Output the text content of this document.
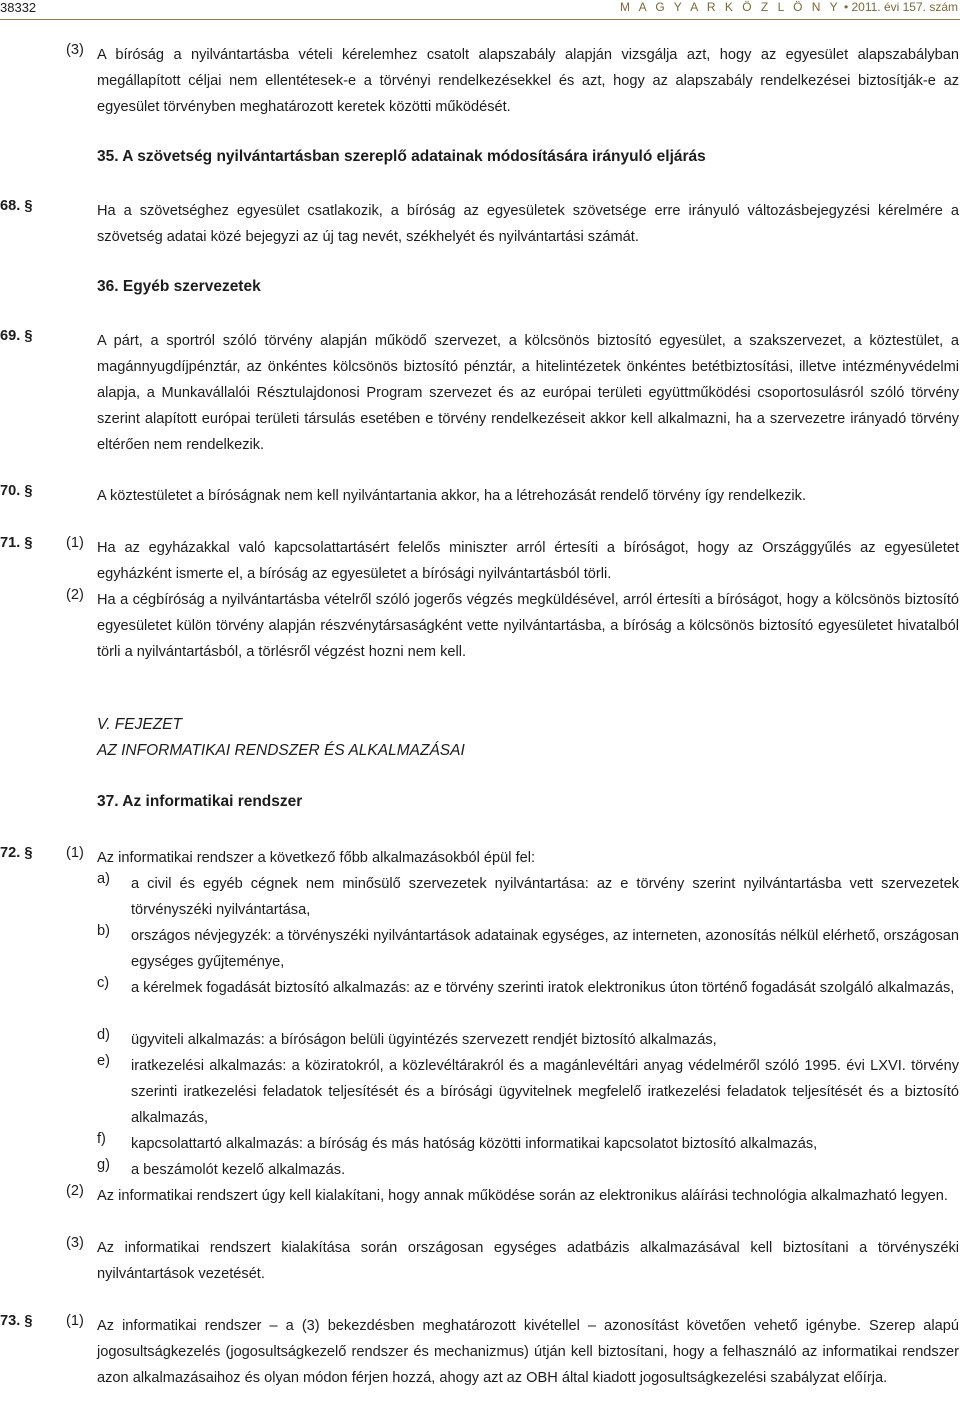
38332	M A G Y A R K Ö Z L Ö N Y • 2011. évi 157. szám
(3) A bíróság a nyilvántartásba vételi kérelemhez csatolt alapszabály alapján vizsgálja azt, hogy az egyesület alapszabályban megállapított céljai nem ellentétesek-e a törvényi rendelkezésekkel és azt, hogy az alapszabály rendelkezései biztosítják-e az egyesület törvényben meghatározott keretek közötti működését.
35. A szövetség nyilvántartásban szereplő adatainak módosítására irányuló eljárás
68. §	Ha a szövetséghez egyesület csatlakozik, a bíróság az egyesületek szövetsége erre irányuló változásbejegyzési kérelmére a szövetség adatai közé bejegyzi az új tag nevét, székhelyét és nyilvántartási számát.
36. Egyéb szervezetek
69. §	A párt, a sportról szóló törvény alapján működő szervezet, a kölcsönös biztosító egyesület, a szakszervezet, a köztestület, a magánnyugdíjpénztár, az önkéntes kölcsönös biztosító pénztár, a hitelintézetek önkéntes betétbiztosítási, illetve intézményvédelmi alapja, a Munkavállalói Résztulajdonosi Program szervezet és az európai területi együttműködési csoportosulásról szóló törvény szerint alapított európai területi társulás esetében e törvény rendelkezéseit akkor kell alkalmazni, ha a szervezetre irányadó törvény eltérően nem rendelkezik.
70. §	A köztestületet a bíróságnak nem kell nyilvántartania akkor, ha a létrehozását rendelő törvény így rendelkezik.
71. § (1) Ha az egyházakkal való kapcsolattartásért felelős miniszter arról értesíti a bíróságot, hogy az Országgyűlés az egyesületet egyházként ismerte el, a bíróság az egyesületet a bírósági nyilvántartásból törli.
(2) Ha a cégbíróság a nyilvántartásba vételről szóló jogerős végzés megküldésével, arról értesíti a bíróságot, hogy a kölcsönös biztosító egyesületet külön törvény alapján részvénytársaságként vette nyilvántartásba, a bíróság a kölcsönös biztosító egyesületet hivatalból törli a nyilvántartásból, a törlésről végzést hozni nem kell.
V. FEJEZET
AZ INFORMATIKAI RENDSZER ÉS ALKALMAZÁSAI
37. Az informatikai rendszer
72. § (1) Az informatikai rendszer a következő főbb alkalmazásokból épül fel:
a) a civil és egyéb cégnek nem minősülő szervezetek nyilvántartása: az e törvény szerint nyilvántartásba vett szervezetek törvényszéki nyilvántartása,
b) országos névjegyzék: a törvényszéki nyilvántartások adatainak egységes, az interneten, azonosítás nélkül elérhető, országosan egységes gyűjteménye,
c) a kérelmek fogadását biztosító alkalmazás: az e törvény szerinti iratok elektronikus úton történő fogadását szolgáló alkalmazás,
d) ügyviteli alkalmazás: a bíróságon belüli ügyintézés szervezett rendjét biztosító alkalmazás,
e) iratkezelési alkalmazás: a köziratokról, a közlevéltárakról és a magánlevéltári anyag védelméről szóló 1995. évi LXVI. törvény szerinti iratkezelési feladatok teljesítését és a bírósági ügyvitelnek megfelelő iratkezelési feladatok teljesítését és a biztosító alkalmazás,
f) kapcsolattartó alkalmazás: a bíróság és más hatóság közötti informatikai kapcsolatot biztosító alkalmazás,
g) a beszámolót kezelő alkalmazás.
(2) Az informatikai rendszert úgy kell kialakítani, hogy annak működése során az elektronikus aláírási technológia alkalmazható legyen.
(3) Az informatikai rendszert kialakítása során országosan egységes adatbázis alkalmazásával kell biztosítani a törvényszéki nyilvántartások vezetését.
73. § (1) Az informatikai rendszer – a (3) bekezdésben meghatározott kivétellel – azonosítást követően vehető igénybe. Szerep alapú jogosultságkezelés (jogosultságkezelő rendszer és mechanizmus) útján kell biztosítani, hogy a felhasználó az informatikai rendszer azon alkalmazásaihoz és olyan módon férjen hozzá, ahogy azt az OBH által kiadott jogosultságkezelési szabályzat előírja.
